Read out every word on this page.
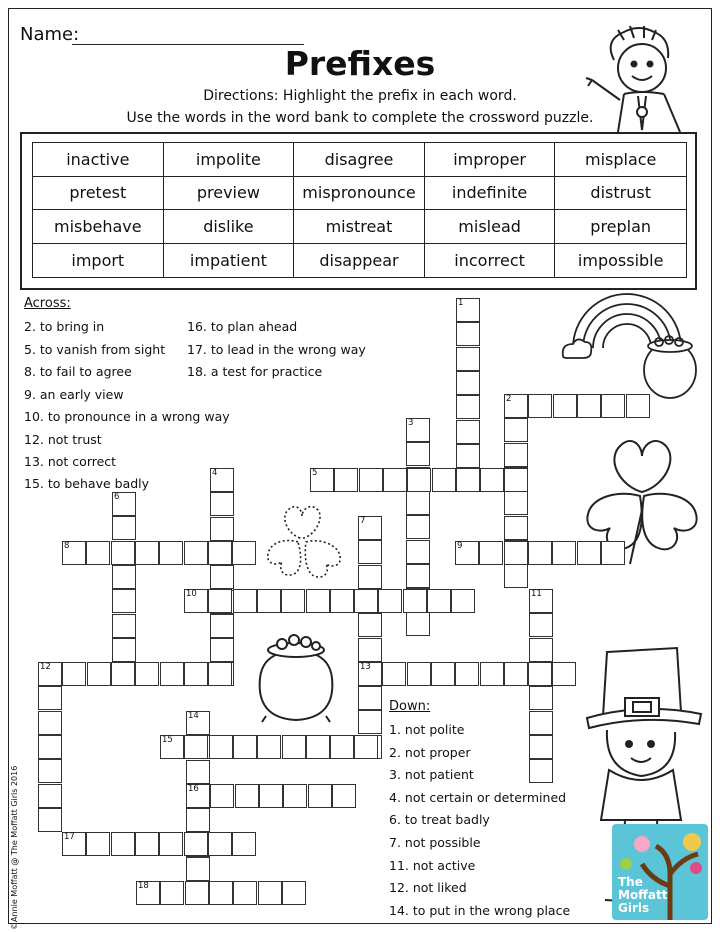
Name:
Prefixes
Directions: Highlight the prefix in each word.
Use the words in the word bank to complete the crossword puzzle.
inactive	impolite	disagree	improper	misplace
pretest	preview	mispronounce	indefinite	distrust
misbehave	dislike	mistreat	mislead	preplan
import	impatient	disappear	incorrect	impossible
Across:
2. to bring in
5. to vanish from sight
8. to fail to agree
9. an early view
10. to pronounce in a wrong way
12. not trust
13. not correct
15. to behave badly
16. to plan ahead
17. to lead in the wrong way
18. a test for practice
Down:
1. not polite
2. not proper
3. not patient
4. not certain or determined
6. to treat badly
7. not possible
11. not active
12. not liked
14. to put in the wrong place
The
Moffatt
Girls
©Annie Moffatt @ The Moffatt Girls 2016
1
2
3
4	5
6
7
8	9
10	11
12	13
14
15
16
17
18
